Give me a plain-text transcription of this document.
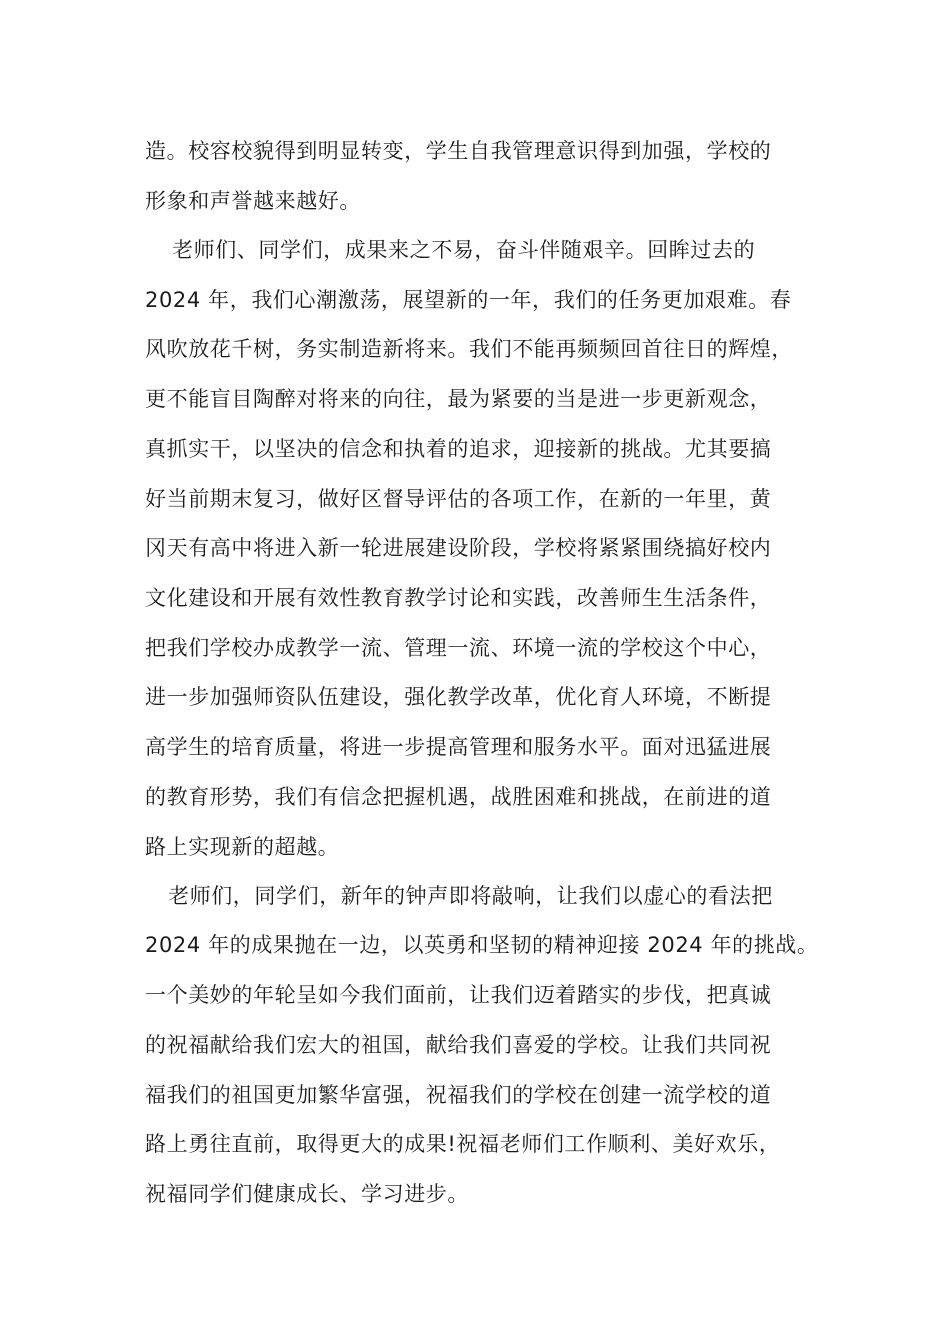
造。校容校貌得到明显转变，学生自我管理意识得到加强，学校的
形象和声誉越来越好。
老师们、同学们，成果来之不易，奋斗伴随艰辛。回眸过去的
2024 年，我们心潮激荡，展望新的一年，我们的任务更加艰难。春
风吹放花千树，务实制造新将来。我们不能再频频回首往日的辉煌，
更不能盲目陶醉对将来的向往，最为紧要的当是进一步更新观念，
真抓实干，以坚决的信念和执着的追求，迎接新的挑战。尤其要搞
好当前期末复习，做好区督导评估的各项工作，在新的一年里，黄
冈天有高中将进入新一轮进展建设阶段，学校将紧紧围绕搞好校内
文化建设和开展有效性教育教学讨论和实践，改善师生生活条件，
把我们学校办成教学一流、管理一流、环境一流的学校这个中心，
进一步加强师资队伍建设，强化教学改革，优化育人环境，不断提
高学生的培育质量，将进一步提高管理和服务水平。面对迅猛进展
的教育形势，我们有信念把握机遇，战胜困难和挑战，在前进的道
路上实现新的超越。
老师们，同学们，新年的钟声即将敲响，让我们以虚心的看法把
2024 年的成果抛在一边，以英勇和坚韧的精神迎接 2024 年的挑战。
一个美妙的年轮呈如今我们面前，让我们迈着踏实的步伐，把真诚
的祝福献给我们宏大的祖国，献给我们喜爱的学校。让我们共同祝
福我们的祖国更加繁华富强，祝福我们的学校在创建一流学校的道
路上勇往直前，取得更大的成果!祝福老师们工作顺利、美好欢乐，
祝福同学们健康成长、学习进步。
